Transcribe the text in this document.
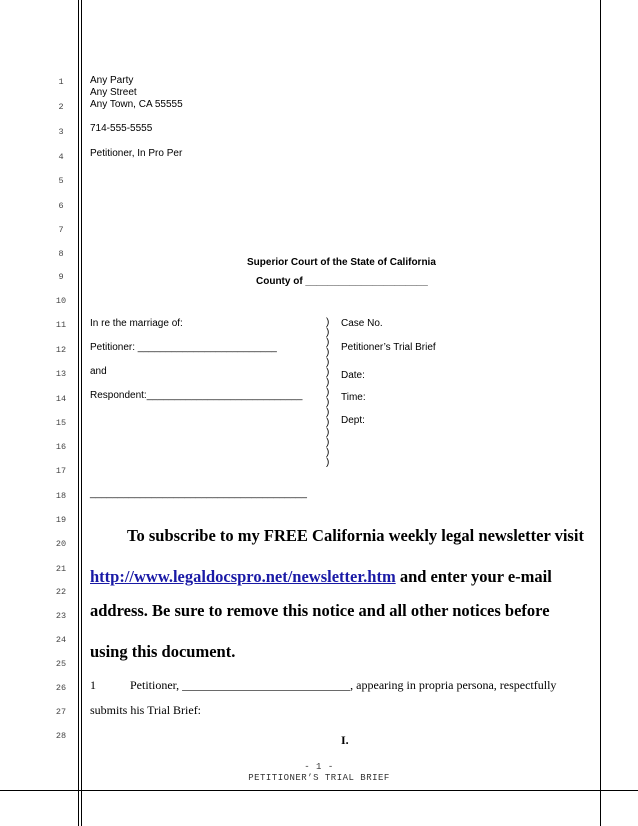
1
2
3
4
5
6
7
8
9
10
11
12
13
14
15
16
17
18
19
20
21
22
23
24
25
26
27
28
Any Party
Any Street
Any Town, CA 55555
714-555-5555
Petitioner, In Pro Per
Superior Court of the State of California
County of ______________________
In re the marriage of:
Petitioner: _________________________
and
Respondent:____________________________
_______________________________________
)
)
)
)
)
)
)
)
)
)
)
)
)
)
)
Case No.
Petitioner’s Trial Brief
Date:
Time:
Dept:
To subscribe to my FREE California weekly legal newsletter visit
http://www.legaldocspro.net/newsletter.htm and enter your e-mail
address. Be sure to remove this notice and all other notices before
using this document.
1	Petitioner, ____________________________, appearing in propria persona, respectfully
submits his Trial Brief:
I.
- 1 -
PETITIONER’S TRIAL BRIEF
